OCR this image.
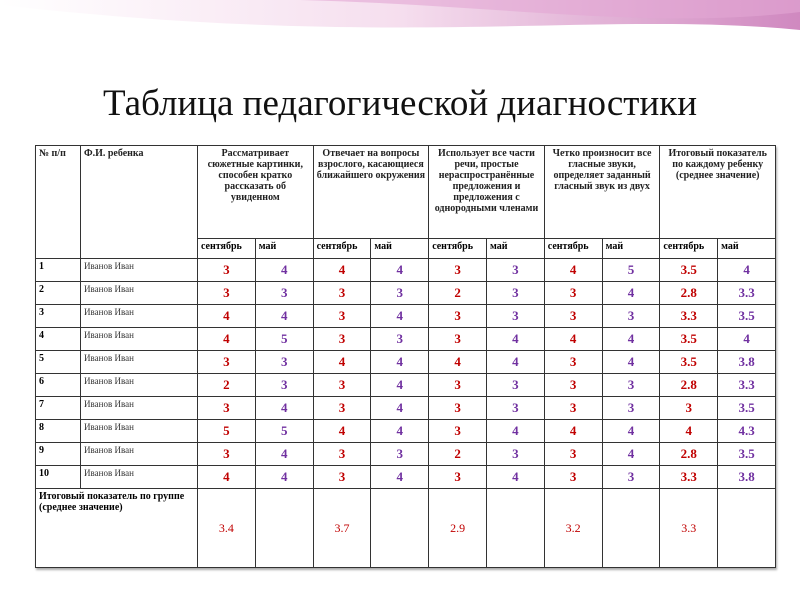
Таблица педагогической диагностики
№ п/п	Ф.И. ребенка	Рассматривает сюжетные картинки, способен кратко рассказать об увиденном		Отвечает на вопросы взрослого, касающиеся ближайшего окружения		Использует все части речи, простые нераспространённые предложения и предложения с однородными членами		Четко произносит все гласные звуки, определяет заданный гласный звук из двух		Итоговый показатель по каждому ребенку (среднее значение)	
		сентябрь	май	сентябрь	май	сентябрь	май	сентябрь	май	сентябрь	май
1	Иванов Иван	3	4	4	4	3	3	4	5	3.5	4
2	Иванов Иван	3	3	3	3	2	3	3	4	2.8	3.3
3	Иванов Иван	4	4	3	4	3	3	3	3	3.3	3.5
4	Иванов Иван	4	5	3	3	3	4	4	4	3.5	4
5	Иванов Иван	3	3	4	4	4	4	3	4	3.5	3.8
6	Иванов Иван	2	3	3	4	3	3	3	3	2.8	3.3
7	Иванов Иван	3	4	3	4	3	3	3	3	3	3.5
8	Иванов Иван	5	5	4	4	3	4	4	4	4	4.3
9	Иванов Иван	3	4	3	3	2	3	3	4	2.8	3.5
10	Иванов Иван	4	4	3	4	3	4	3	3	3.3	3.8
Итоговый показатель по группе (среднее значение)		3.4		3.7		2.9		3.2		3.3	
